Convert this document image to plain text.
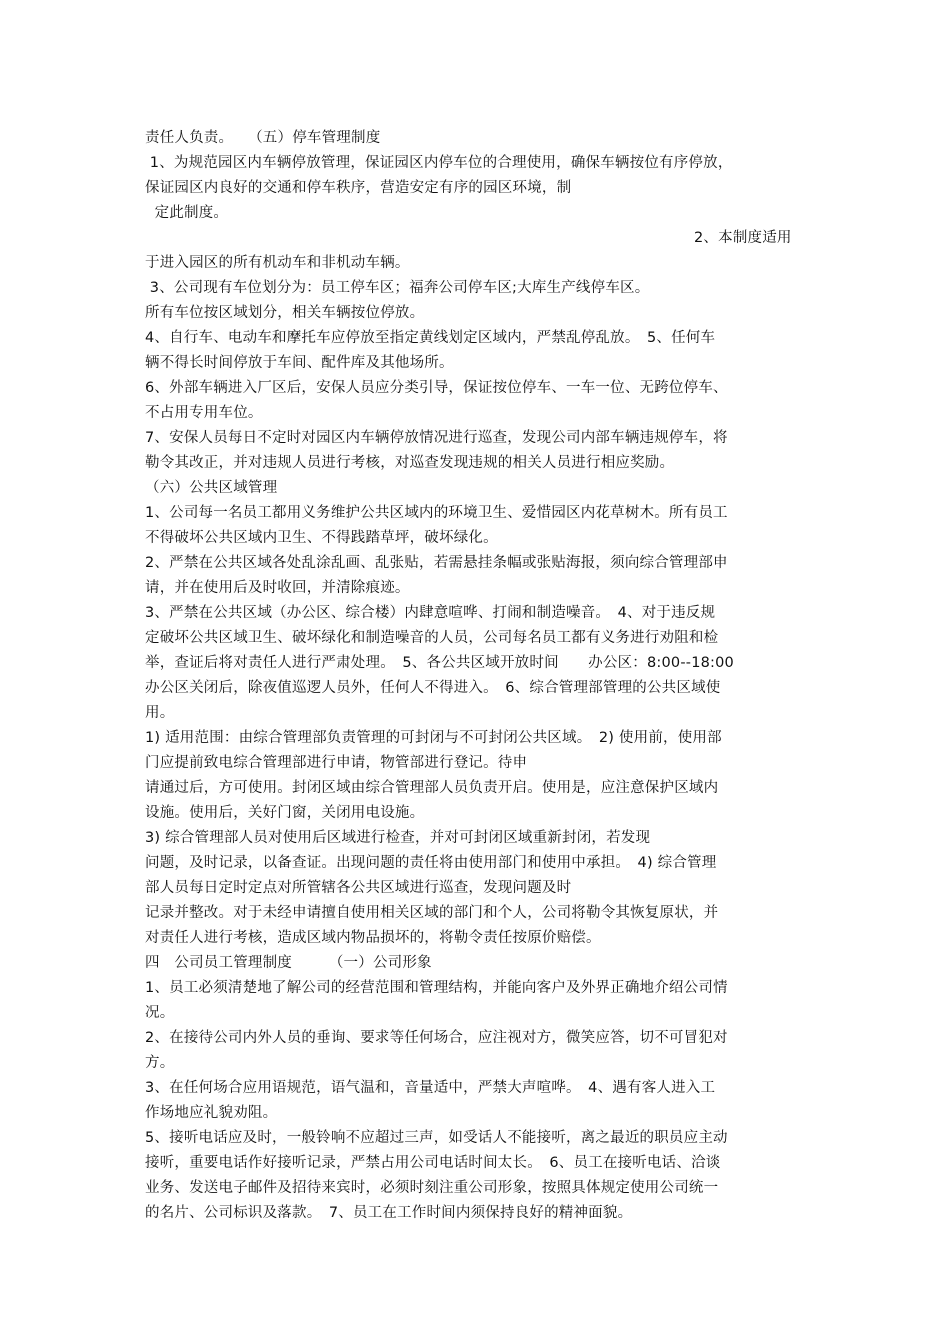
责任人负责。　　（五）停车管理制度
1、为规范园区内车辆停放管理，保证园区内停车位的合理使用，确保车辆按位有序停放，
保证园区内良好的交通和停车秩序，营造安定有序的园区环境，制
定此制度。
2、本制度适用
于进入园区的所有机动车和非机动车辆。
3、公司现有车位划分为：员工停车区；福奔公司停车区;大库生产线停车区。
所有车位按区域划分，相关车辆按位停放。
4、自行车、电动车和摩托车应停放至指定黄线划定区域内，严禁乱停乱放。　5、任何车
辆不得长时间停放于车间、配件库及其他场所。
6、外部车辆进入厂区后，安保人员应分类引导，保证按位停车、一车一位、无跨位停车、
不占用专用车位。
7、安保人员每日不定时对园区内车辆停放情况进行巡查，发现公司内部车辆违规停车，将
勒令其改正，并对违规人员进行考核，对巡查发现违规的相关人员进行相应奖励。
（六）公共区域管理
1、公司每一名员工都用义务维护公共区域内的环境卫生、爱惜园区内花草树木。所有员工
不得破坏公共区域内卫生、不得践踏草坪，破坏绿化。
2、严禁在公共区域各处乱涂乱画、乱张贴，若需悬挂条幅或张贴海报，须向综合管理部申
请，并在使用后及时收回，并清除痕迹。
3、严禁在公共区域（办公区、综合楼）内肆意喧哗、打闹和制造噪音。　4、对于违反规
定破坏公共区域卫生、破坏绿化和制造噪音的人员，公司每名员工都有义务进行劝阻和检
举，查证后将对责任人进行严肃处理。　5、各公共区域开放时间　　办公区：8:00--18:00
办公区关闭后，除夜值巡逻人员外，任何人不得进入。　6、综合管理部管理的公共区域使
用。
1) 适用范围：由综合管理部负责管理的可封闭与不可封闭公共区域。　2) 使用前，使用部
门应提前致电综合管理部进行申请，物管部进行登记。待申
请通过后，方可使用。封闭区域由综合管理部人员负责开启。使用是，应注意保护区域内
设施。使用后，关好门窗，关闭用电设施。
3) 综合管理部人员对使用后区域进行检查，并对可封闭区域重新封闭，若发现
问题，及时记录，以备查证。出现问题的责任将由使用部门和使用中承担。　4) 综合管理
部人员每日定时定点对所管辖各公共区域进行巡查，发现问题及时
记录并整改。对于未经申请擅自使用相关区域的部门和个人，公司将勒令其恢复原状，并
对责任人进行考核，造成区域内物品损坏的，将勒令责任按原价赔偿。
四　公司员工管理制度　　　（一）公司形象
1、员工必须清楚地了解公司的经营范围和管理结构，并能向客户及外界正确地介绍公司情
况。
2、在接待公司内外人员的垂询、要求等任何场合，应注视对方，微笑应答，切不可冒犯对
方。
3、在任何场合应用语规范，语气温和，音量适中，严禁大声喧哗。　4、遇有客人进入工
作场地应礼貌劝阻。
5、接听电话应及时，一般铃响不应超过三声，如受话人不能接听，离之最近的职员应主动
接听，重要电话作好接听记录，严禁占用公司电话时间太长。　6、员工在接听电话、洽谈
业务、发送电子邮件及招待来宾时，必须时刻注重公司形象，按照具体规定使用公司统一
的名片、公司标识及落款。　7、员工在工作时间内须保持良好的精神面貌。
